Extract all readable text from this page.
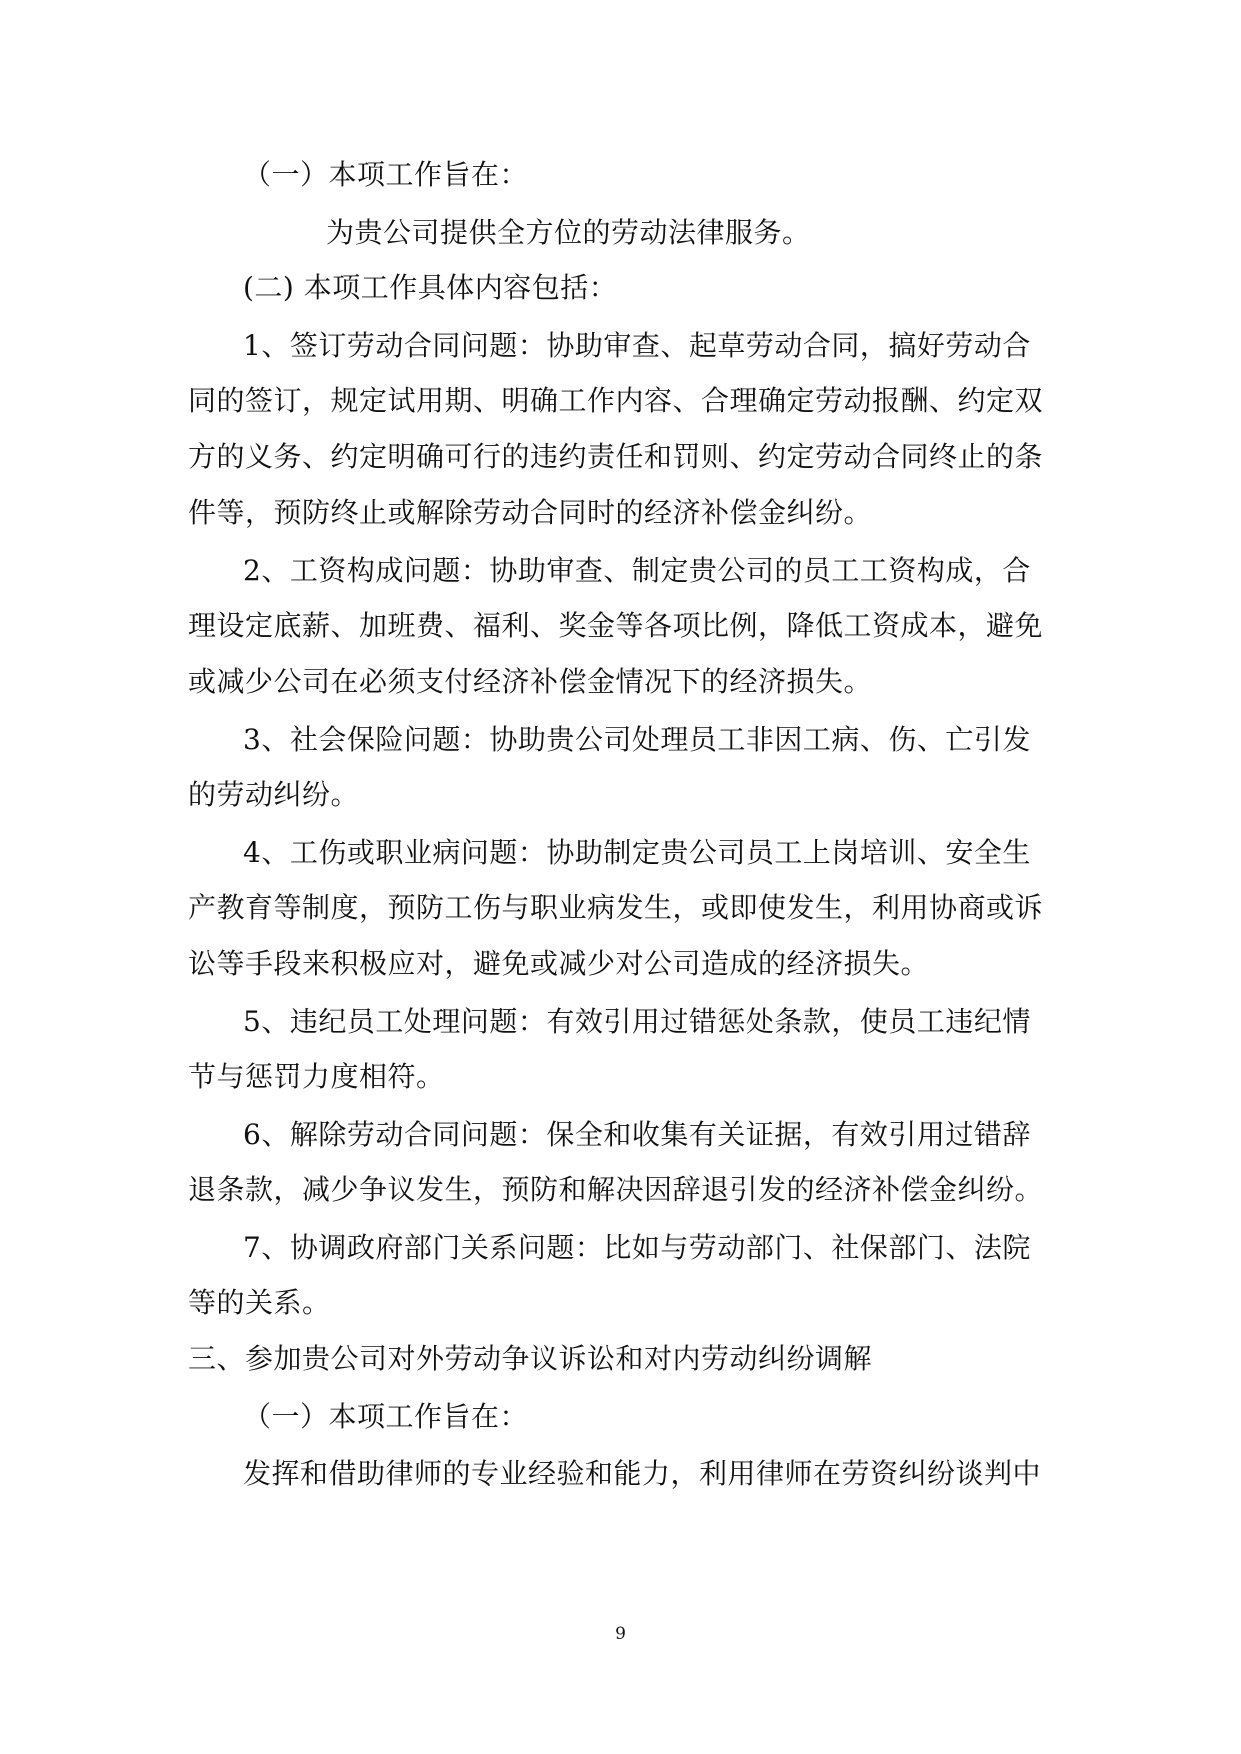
（一）本项工作旨在：
为贵公司提供全方位的劳动法律服务。
(二) 本项工作具体内容包括：
1、签订劳动合同问题：协助审查、起草劳动合同，搞好劳动合
同的签订，规定试用期、明确工作内容、合理确定劳动报酬、约定双
方的义务、约定明确可行的违约责任和罚则、约定劳动合同终止的条
件等，预防终止或解除劳动合同时的经济补偿金纠纷。
2、工资构成问题：协助审查、制定贵公司的员工工资构成，合
理设定底薪、加班费、福利、奖金等各项比例，降低工资成本，避免
或减少公司在必须支付经济补偿金情况下的经济损失。
3、社会保险问题：协助贵公司处理员工非因工病、伤、亡引发
的劳动纠纷。
4、工伤或职业病问题：协助制定贵公司员工上岗培训、安全生
产教育等制度，预防工伤与职业病发生，或即使发生，利用协商或诉
讼等手段来积极应对，避免或减少对公司造成的经济损失。
5、违纪员工处理问题：有效引用过错惩处条款，使员工违纪情
节与惩罚力度相符。
6、解除劳动合同问题：保全和收集有关证据，有效引用过错辞
退条款，减少争议发生，预防和解决因辞退引发的经济补偿金纠纷。
7、协调政府部门关系问题：比如与劳动部门、社保部门、法院
等的关系。
三、参加贵公司对外劳动争议诉讼和对内劳动纠纷调解
（一）本项工作旨在：
发挥和借助律师的专业经验和能力，利用律师在劳资纠纷谈判中
9
